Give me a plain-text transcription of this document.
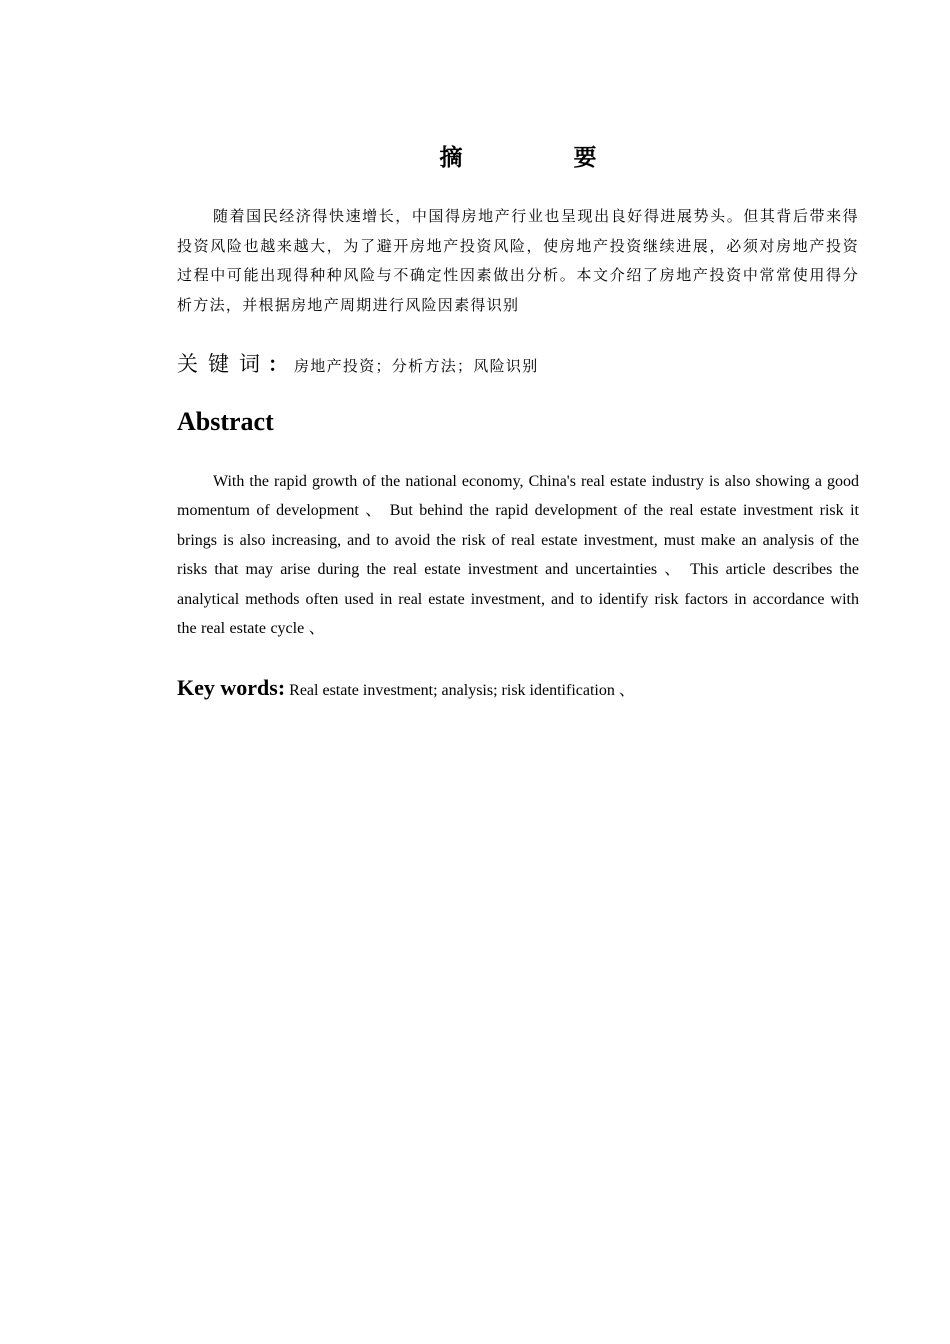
摘　要

随着国民经济得快速增长，中国得房地产行业也呈现出良好得进展势头。但其背后带来得投资风险也越来越大，为了避开房地产投资风险，使房地产投资继续进展，必须对房地产投资过程中可能出现得种种风险与不确定性因素做出分析。本文介绍了房地产投资中常常使用得分析方法，并根据房地产周期进行风险因素得识别

关键词： 房地产投资；分析方法；风险识别
Abstract

With the rapid growth of the national economy, China's real estate industry is also showing a good momentum of development 、 But behind the rapid development of the real estate investment risk it brings is also increasing, and to avoid the risk of real estate investment, must make an analysis of the risks that may arise during the real estate investment and uncertainties 、 This article describes the analytical methods often used in real estate investment, and to identify risk factors in accordance with the real estate cycle 、

Key words: Real estate investment; analysis; risk identification 、
